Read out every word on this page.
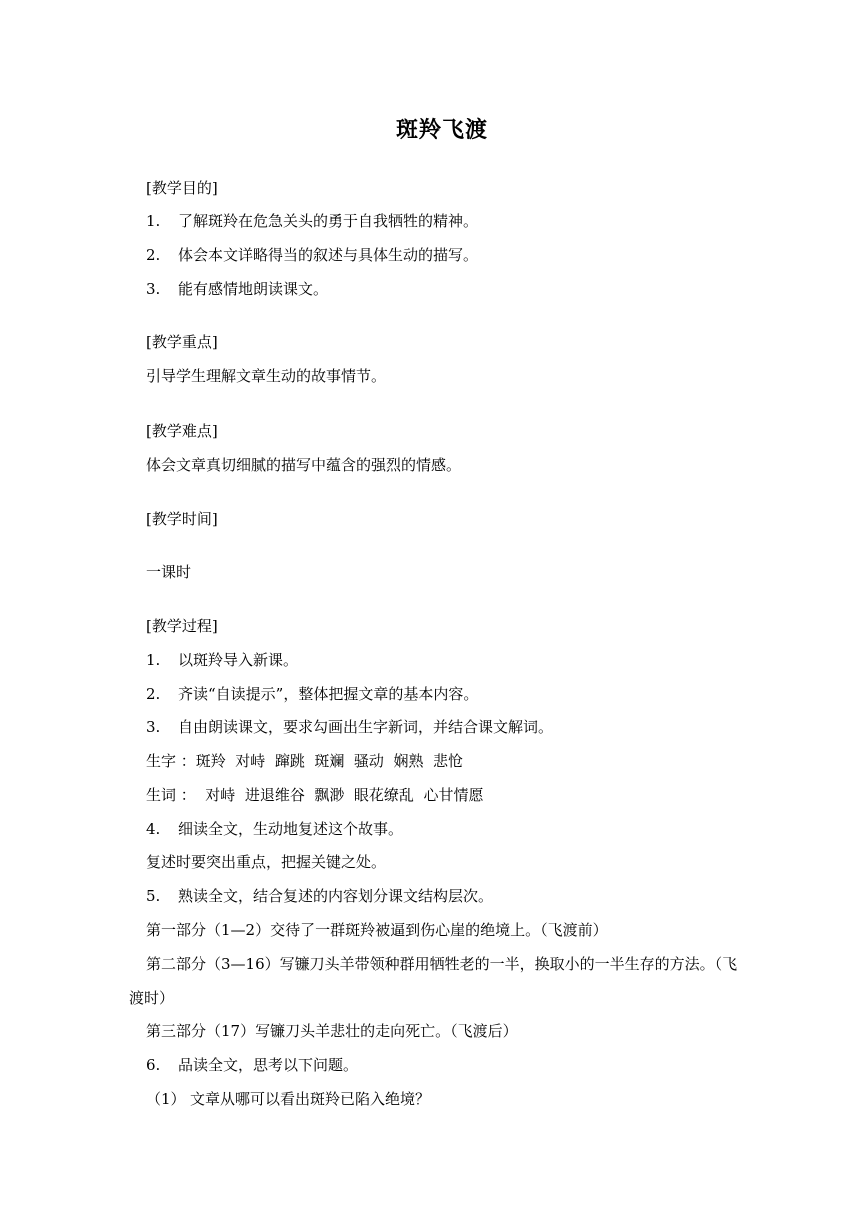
斑羚飞渡
[教学目的]
1. 了解斑羚在危急关头的勇于自我牺牲的精神。
2. 体会本文详略得当的叙述与具体生动的描写。
3. 能有感情地朗读课文。
[教学重点]
引导学生理解文章生动的故事情节。
[教学难点]
体会文章真切细腻的描写中蕴含的强烈的情感。
[教学时间]
一课时
[教学过程]
1. 以斑羚导入新课。
2. 齐读“自读提示”，整体把握文章的基本内容。
3. 自由朗读课文，要求勾画出生字新词，并结合课文解词。
生字 ：斑羚  对峙  蹿跳  斑斓  骚动  娴熟  悲怆
生词 ：  对峙  进退维谷  飘渺  眼花缭乱  心甘情愿
4. 细读全文，生动地复述这个故事。
复述时要突出重点，把握关键之处。
5. 熟读全文，结合复述的内容划分课文结构层次。
第一部分（1—2）交待了一群斑羚被逼到伤心崖的绝境上。（飞渡前）
第二部分（3—16）写镰刀头羊带领种群用牺牲老的一半，换取小的一半生存的方法。（飞
渡时）
第三部分（17）写镰刀头羊悲壮的走向死亡。（飞渡后）
6. 品读全文，思考以下问题。
（1） 文章从哪可以看出斑羚已陷入绝境？
